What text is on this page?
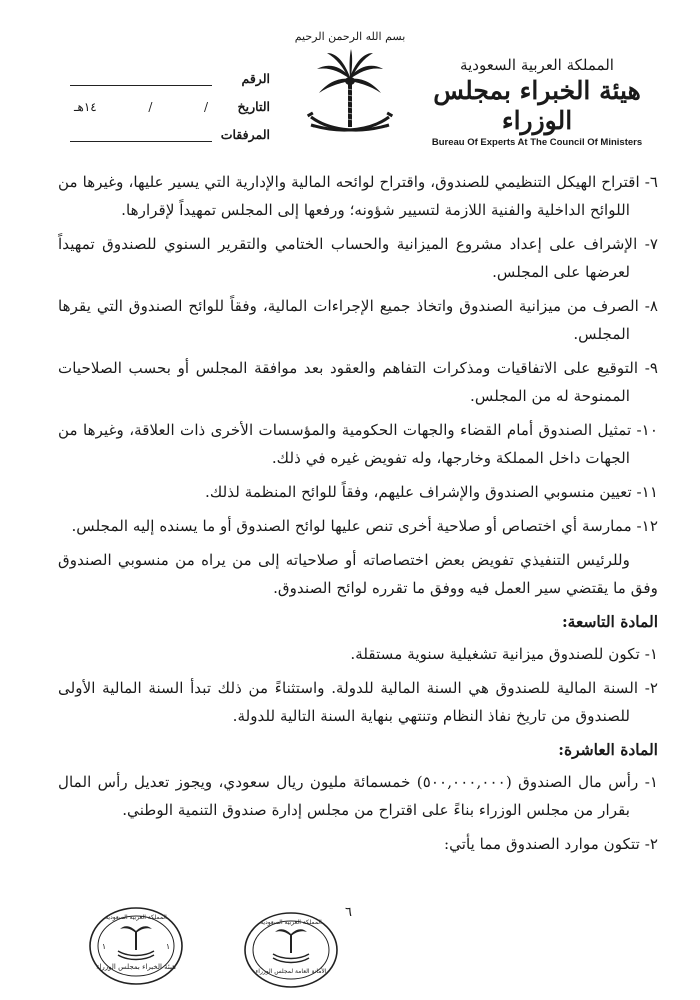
المملكة العربية السعودية
هيئة الخبراء بمجلس الوزراء
Bureau Of Experts At The Council Of Ministers
بسم الله الرحمن الرحيم
الرقم
التاريخ
/
/
١٤هـ
المرفقات

٦- اقتراح الهيكل التنظيمي للصندوق، واقتراح لوائحه المالية والإدارية التي يسير عليها، وغيرها من اللوائح الداخلية والفنية اللازمة لتسيير شؤونه؛ ورفعها إلى المجلس تمهيداً لإقرارها.

٧- الإشراف على إعداد مشروع الميزانية والحساب الختامي والتقرير السنوي للصندوق تمهيداً لعرضها على المجلس.

٨- الصرف من ميزانية الصندوق واتخاذ جميع الإجراءات المالية، وفقاً للوائح الصندوق التي يقرها المجلس.

٩- التوقيع على الاتفاقيات ومذكرات التفاهم والعقود بعد موافقة المجلس أو بحسب الصلاحيات الممنوحة له من المجلس.

١٠- تمثيل الصندوق أمام القضاء والجهات الحكومية والمؤسسات الأخرى ذات العلاقة، وغيرها من الجهات داخل المملكة وخارجها، وله تفويض غيره في ذلك.

١١- تعيين منسوبي الصندوق والإشراف عليهم، وفقاً للوائح المنظمة لذلك.

١٢- ممارسة أي اختصاص أو صلاحية أخرى تنص عليها لوائح الصندوق أو ما يسنده إليه المجلس.

وللرئيس التنفيذي تفويض بعض اختصاصاته أو صلاحياته إلى من يراه من منسوبي الصندوق وفق ما يقتضي سير العمل فيه ووفق ما تقرره لوائح الصندوق.

المادة التاسعة:

١- تكون للصندوق ميزانية تشغيلية سنوية مستقلة.

٢- السنة المالية للصندوق هي السنة المالية للدولة. واستثناءً من ذلك تبدأ السنة المالية الأولى للصندوق من تاريخ نفاذ النظام وتنتهي بنهاية السنة التالية للدولة.

المادة العاشرة:

١- رأس مال الصندوق (٥٠٠,٠٠٠,٠٠٠) خمسمائة مليون ريال سعودي، ويجوز تعديل رأس المال بقرار من مجلس الوزراء بناءً على اقتراح من مجلس إدارة صندوق التنمية الوطني.

٢- تتكون موارد الصندوق مما يأتي:

٦
هيئة الخبراء بمجلس الوزراء
المملكة العربية السعودية
١	١
المملكة العربية السعودية
الأمانة العامة لمجلس الوزراء
